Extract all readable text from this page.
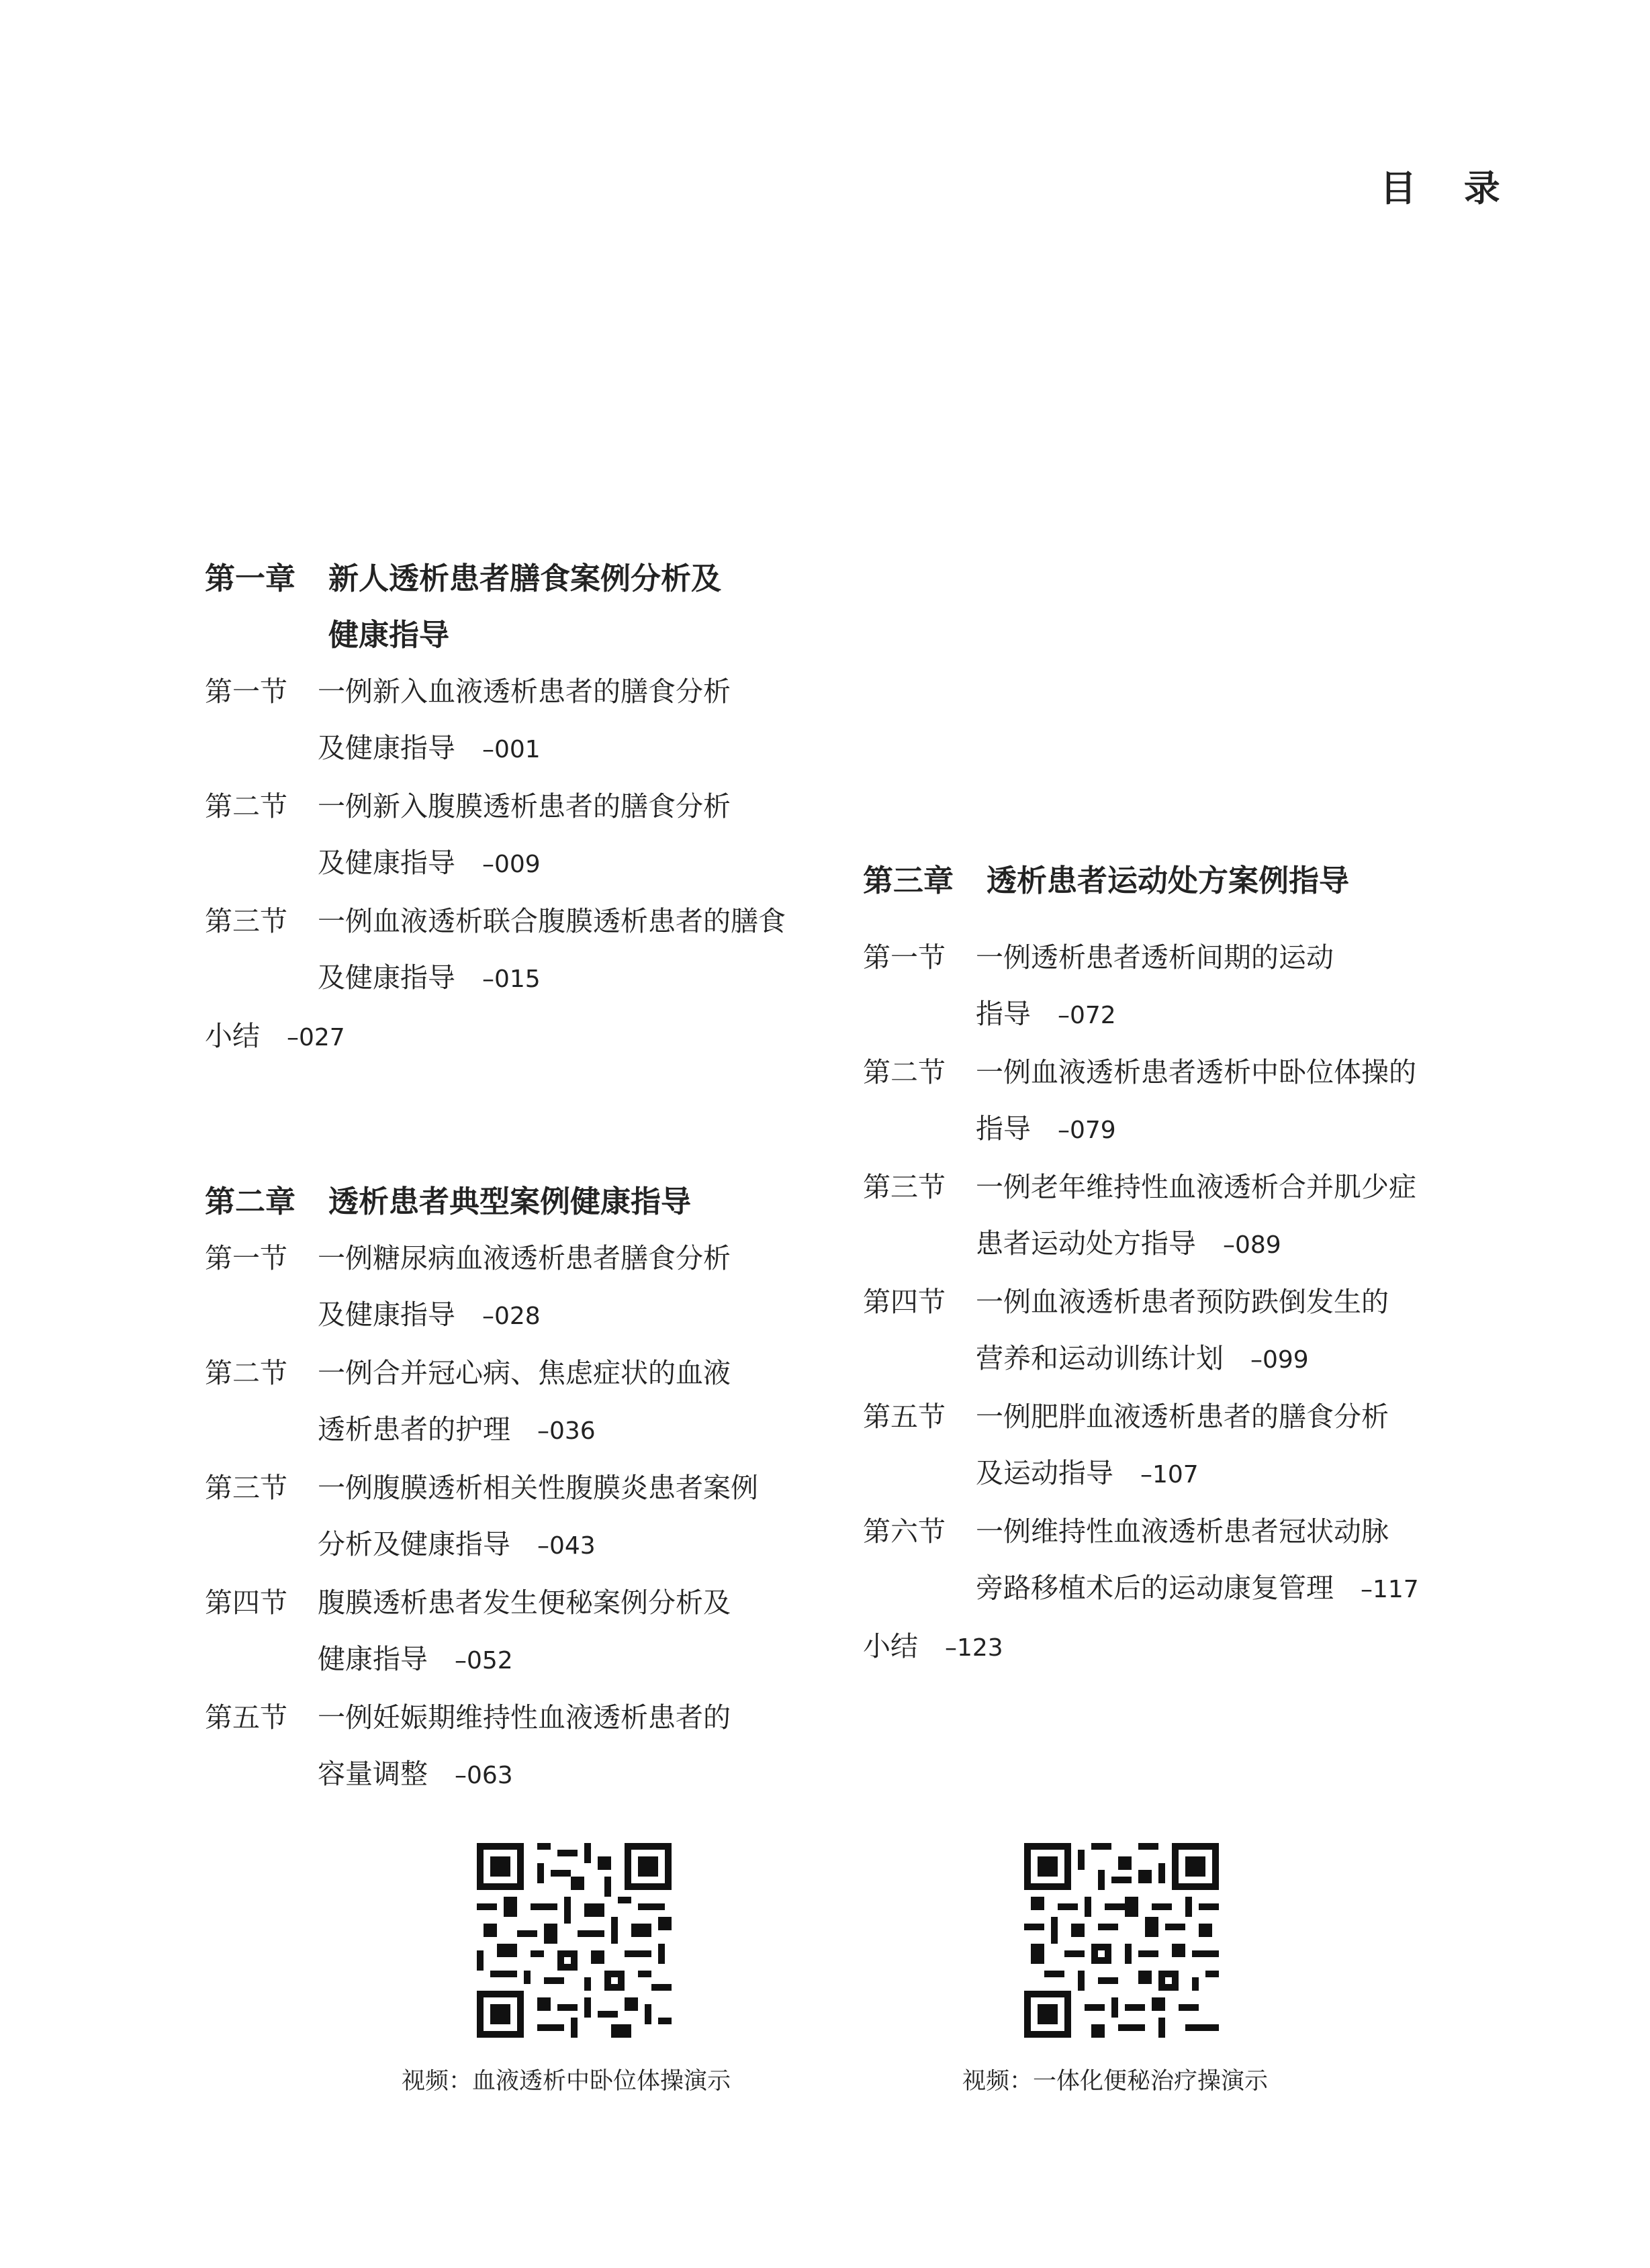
目 录
第一章 新人透析患者膳食案例分析及
健康指导
第一节 一例新入血液透析患者的膳食分析
及健康指导 –001
第二节 一例新入腹膜透析患者的膳食分析
及健康指导 –009
第三节 一例血液透析联合腹膜透析患者的膳食
及健康指导 –015
小结 –027
第二章 透析患者典型案例健康指导
第一节 一例糖尿病血液透析患者膳食分析
及健康指导 –028
第二节 一例合并冠心病、焦虑症状的血液
透析患者的护理 –036
第三节 一例腹膜透析相关性腹膜炎患者案例
分析及健康指导 –043
第四节 腹膜透析患者发生便秘案例分析及
健康指导 –052
第五节 一例妊娠期维持性血液透析患者的
容量调整 –063
第三章	透析患者运动处方案例指导
第一节 一例透析患者透析间期的运动
指导 –072
第二节 一例血液透析患者透析中卧位体操的
指导 –079
第三节 一例老年维持性血液透析合并肌少症
患者运动处方指导 –089
第四节 一例血液透析患者预防跌倒发生的
营养和运动训练计划 –099
第五节 一例肥胖血液透析患者的膳食分析
及运动指导 –107
第六节 一例维持性血液透析患者冠状动脉
旁路移植术后的运动康复管理 –117
小结 –123
视频：血液透析中卧位体操演示	视频：一体化便秘治疗操演示
